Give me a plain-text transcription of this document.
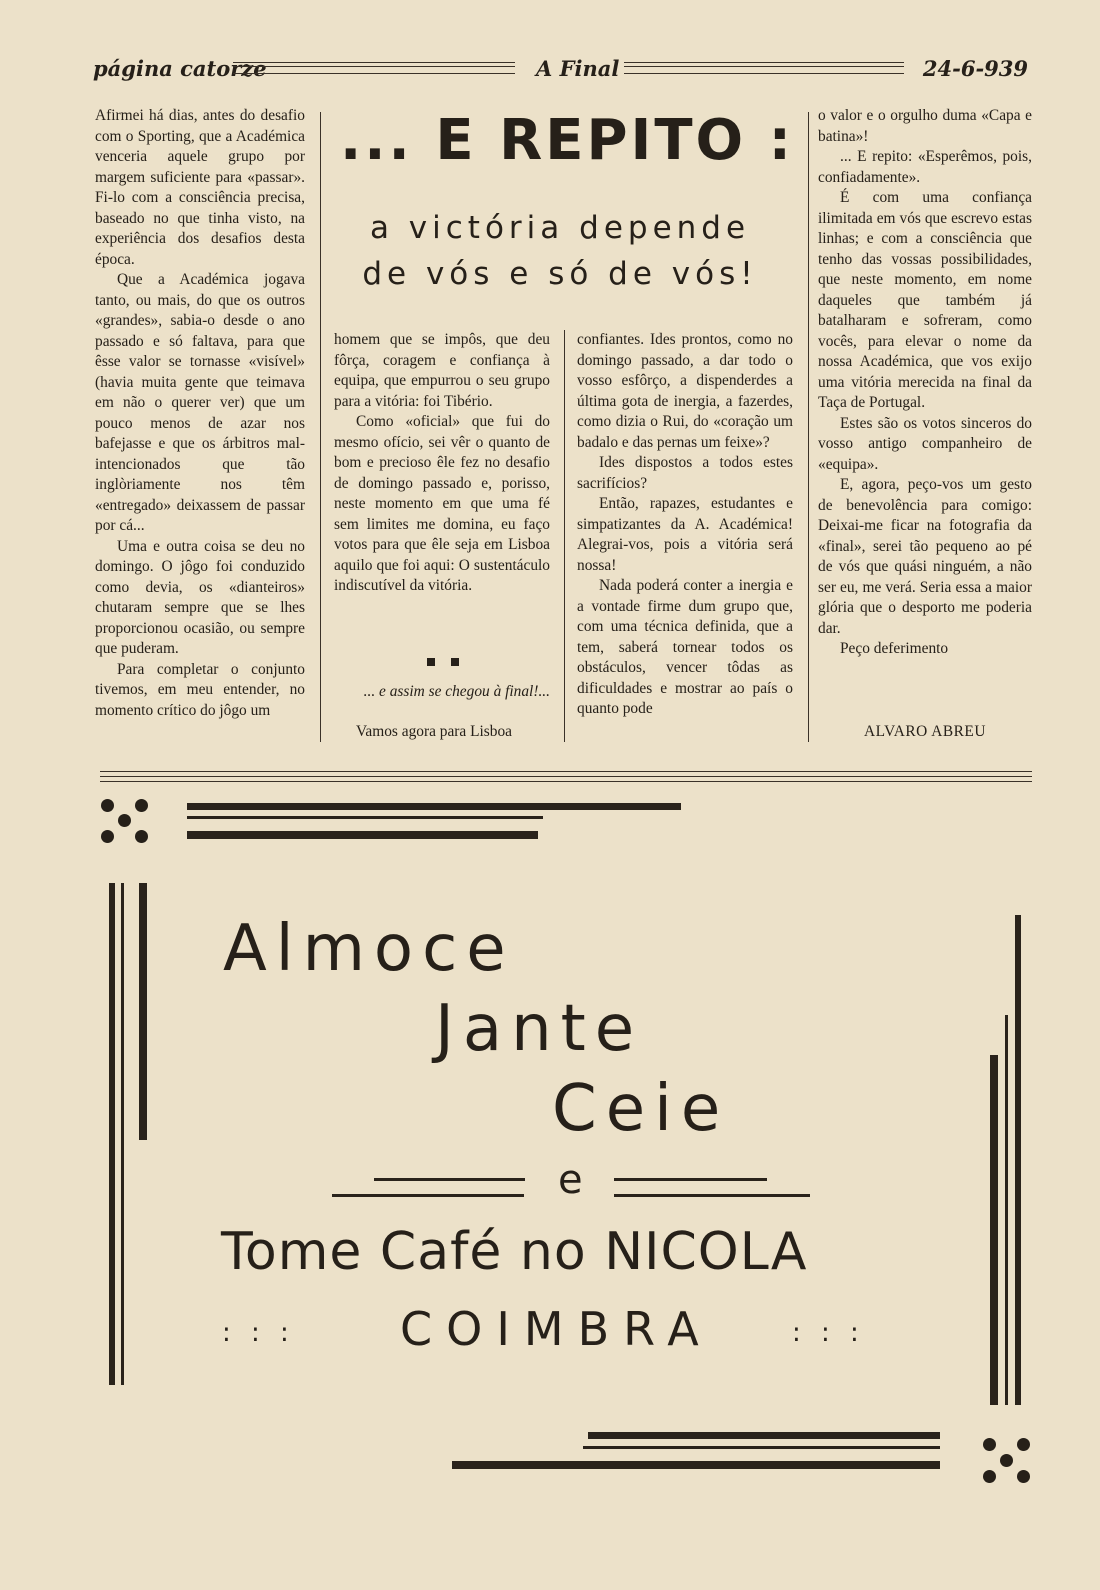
página catorze	A Final	24-6-939
... E REPITO :
a victória depende
de vós e só de vós!

Afirmei há dias, antes do desafio com o Sporting, que a Académica venceria aquele grupo por margem suficiente para «passar». Fi-lo com a consciência precisa, baseado no que tinha visto, na experiência dos desafios desta época.

Que a Académica jogava tanto, ou mais, do que os outros «grandes», sabia-o desde o ano passado e só faltava, para que êsse valor se tornasse «visível» (havia muita gente que teimava em não o querer ver) que um pouco menos de azar nos bafejasse e que os árbitros mal-intencionados que tão inglòriamente nos têm «entregado» deixassem de passar por cá...

Uma e outra coisa se deu no domingo. O jôgo foi conduzido como devia, os «dianteiros» chutaram sempre que se lhes proporcionou ocasião, ou sempre que puderam.

Para completar o conjunto tivemos, em meu entender, no momento crítico do jôgo um

homem que se impôs, que deu fôrça, coragem e confiança à equipa, que empurrou o seu grupo para a vitória: foi Tibério.

Como «oficial» que fui do mesmo ofício, sei vêr o quanto de bom e precioso êle fez no desafio de domingo passado e, porisso, neste momento em que uma fé sem limites me domina, eu faço votos para que êle seja em Lisboa aquilo que foi aqui: O sustentáculo indiscutível da vitória.

... e assim se chegou à final!...
Vamos agora para Lisboa

confiantes. Ides prontos, como no domingo passado, a dar todo o vosso esfôrço, a dispenderdes a última gota de inergia, a fazerdes, como dizia o Rui, do «coração um badalo e das pernas um feixe»?

Ides dispostos a todos estes sacrifícios?

Então, rapazes, estudantes e simpatizantes da A. Académica! Alegrai-vos, pois a vitória será nossa!

Nada poderá conter a inergia e a vontade firme dum grupo que, com uma técnica definida, que a tem, saberá tornear todos os obstáculos, vencer tôdas as dificuldades e mostrar ao país o quanto pode

o valor e o orgulho duma «Capa e batina»!

... E repito: «Esperêmos, pois, confiadamente».

É com uma confiança ilimitada em vós que escrevo estas linhas; e com a consciência que tenho das vossas possibilidades, que neste momento, em nome daqueles que também já batalharam e sofreram, como vocês, para elevar o nome da nossa Académica, que vos exijo uma vitória merecida na final da Taça de Portugal.

Estes são os votos sinceros do vosso antigo companheiro de «equipa».

E, agora, peço-vos um gesto de benevolência para comigo: Deixai-me ficar na fotografia da «final», serei tão pequeno ao pé de vós que quási ninguém, a não ser eu, me verá. Seria essa a maior glória que o desporto me poderia dar.

Peço deferimento

ALVARO ABREU
Almoce
Jante
Ceie
e
Tome Café no NICOLA
: : : COIMBRA	: : :
